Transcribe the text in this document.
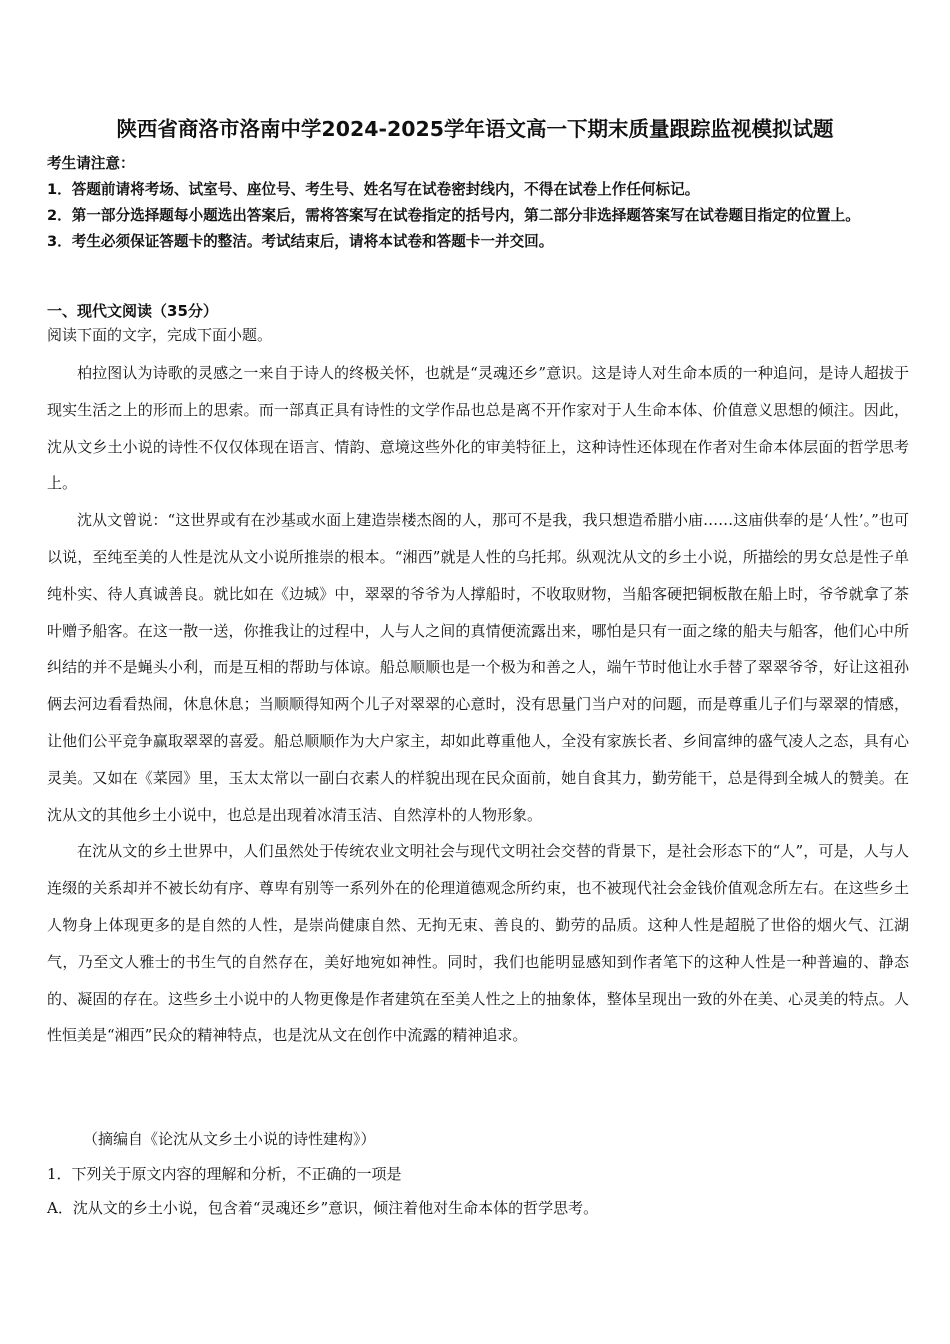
陕西省商洛市洛南中学2024-2025学年语文高一下期末质量跟踪监视模拟试题
考生请注意：
1．答题前请将考场、试室号、座位号、考生号、姓名写在试卷密封线内，不得在试卷上作任何标记。
2．第一部分选择题每小题选出答案后，需将答案写在试卷指定的括号内，第二部分非选择题答案写在试卷题目指定的位置上。
3．考生必须保证答题卡的整洁。考试结束后，请将本试卷和答题卡一并交回。
一、现代文阅读（35分）
阅读下面的文字，完成下面小题。

柏拉图认为诗歌的灵感之一来自于诗人的终极关怀，也就是“灵魂还乡”意识。这是诗人对生命本质的一种追问，是诗人超拔于现实生活之上的形而上的思索。而一部真正具有诗性的文学作品也总是离不开作家对于人生命本体、价值意义思想的倾注。因此，沈从文乡土小说的诗性不仅仅体现在语言、情韵、意境这些外化的审美特征上，这种诗性还体现在作者对生命本体层面的哲学思考上。

沈从文曾说：“这世界或有在沙基或水面上建造崇楼杰阁的人，那可不是我，我只想造希腊小庙……这庙供奉的是‘人性’。”也可以说，至纯至美的人性是沈从文小说所推崇的根本。“湘西”就是人性的乌托邦。纵观沈从文的乡土小说，所描绘的男女总是性子单纯朴实、待人真诚善良。就比如在《边城》中，翠翠的爷爷为人撑船时，不收取财物，当船客硬把铜板散在船上时，爷爷就拿了茶叶赠予船客。在这一散一送，你推我让的过程中，人与人之间的真情便流露出来，哪怕是只有一面之缘的船夫与船客，他们心中所纠结的并不是蝇头小利，而是互相的帮助与体谅。船总顺顺也是一个极为和善之人，端午节时他让水手替了翠翠爷爷，好让这祖孙俩去河边看看热闹，休息休息；当顺顺得知两个儿子对翠翠的心意时，没有思量门当户对的问题，而是尊重儿子们与翠翠的情感，让他们公平竞争赢取翠翠的喜爱。船总顺顺作为大户家主，却如此尊重他人，全没有家族长者、乡间富绅的盛气凌人之态，具有心灵美。又如在《菜园》里，玉太太常以一副白衣素人的样貌出现在民众面前，她自食其力，勤劳能干，总是得到全城人的赞美。在沈从文的其他乡土小说中，也总是出现着冰清玉洁、自然淳朴的人物形象。

在沈从文的乡土世界中，人们虽然处于传统农业文明社会与现代文明社会交替的背景下，是社会形态下的“人”，可是，人与人连缀的关系却并不被长幼有序、尊卑有别等一系列外在的伦理道德观念所约束，也不被现代社会金钱价值观念所左右。在这些乡土人物身上体现更多的是自然的人性，是崇尚健康自然、无拘无束、善良的、勤劳的品质。这种人性是超脱了世俗的烟火气、江湖气，乃至文人雅士的书生气的自然存在，美好地宛如神性。同时，我们也能明显感知到作者笔下的这种人性是一种普遍的、静态的、凝固的存在。这些乡土小说中的人物更像是作者建筑在至美人性之上的抽象体，整体呈现出一致的外在美、心灵美的特点。人性恒美是“湘西”民众的精神特点，也是沈从文在创作中流露的精神追求。

（摘编自《论沈从文乡土小说的诗性建构》）
1．下列关于原文内容的理解和分析，不正确的一项是
A．沈从文的乡土小说，包含着“灵魂还乡”意识，倾注着他对生命本体的哲学思考。
